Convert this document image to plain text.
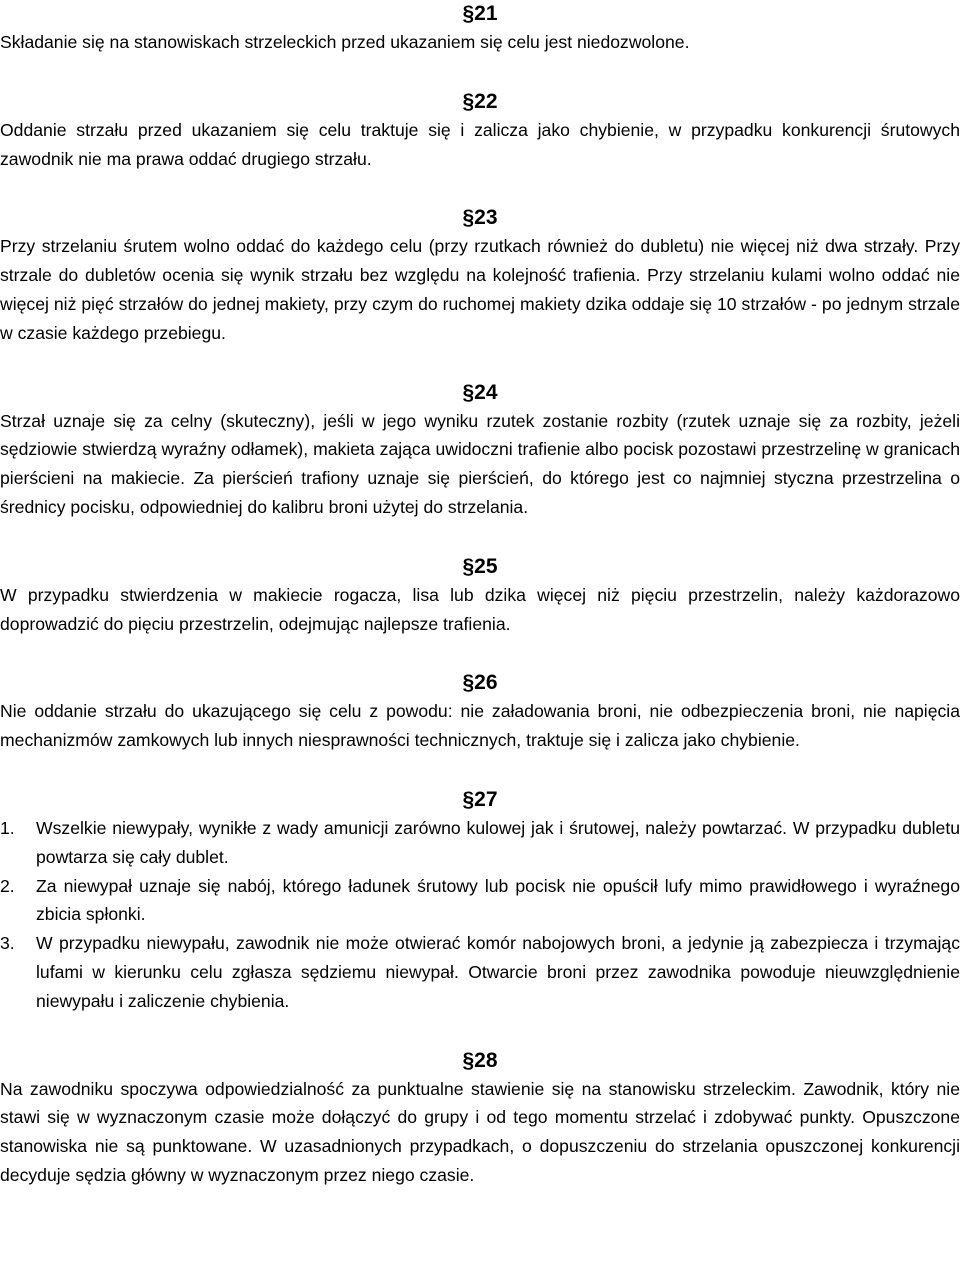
§21

Składanie się na stanowiskach strzeleckich przed ukazaniem się celu jest niedozwolone.

§22

Oddanie strzału przed ukazaniem się celu traktuje się i zalicza jako chybienie, w przypadku konkurencji śrutowych zawodnik nie ma prawa oddać drugiego strzału.

§23

Przy strzelaniu śrutem wolno oddać do każdego celu (przy rzutkach również do dubletu) nie więcej niż dwa strzały. Przy strzale do dubletów ocenia się wynik strzału bez względu na kolejność trafienia. Przy strzelaniu kulami wolno oddać nie więcej niż pięć strzałów do jednej makiety, przy czym do ruchomej makiety dzika oddaje się 10 strzałów - po jednym strzale w czasie każdego przebiegu.

§24

Strzał uznaje się za celny (skuteczny), jeśli w jego wyniku rzutek zostanie rozbity (rzutek uznaje się za rozbity, jeżeli sędziowie stwierdzą wyraźny odłamek), makieta zająca uwidoczni trafienie albo pocisk pozostawi przestrzelinę w granicach pierścieni na makiecie. Za pierścień trafiony uznaje się pierścień, do którego jest co najmniej styczna przestrzelina o średnicy pocisku, odpowiedniej do kalibru broni użytej do strzelania.

§25

W przypadku stwierdzenia w makiecie rogacza, lisa lub dzika więcej niż pięciu przestrzelin, należy każdorazowo doprowadzić do pięciu przestrzelin, odejmując najlepsze trafienia.

§26

Nie oddanie strzału do ukazującego się celu z powodu: nie załadowania broni, nie odbezpieczenia broni, nie napięcia mechanizmów zamkowych lub innych niesprawności technicznych, traktuje się i zalicza jako chybienie.

§27
1.	Wszelkie niewypały, wynikłe z wady amunicji zarówno kulowej jak i śrutowej, należy powtarzać. W przypadku dubletu powtarza się cały dublet.
2.	Za niewypał uznaje się nabój, którego ładunek śrutowy lub pocisk nie opuścił lufy mimo prawidłowego i wyraźnego zbicia spłonki.
3.	W przypadku niewypału, zawodnik nie może otwierać komór nabojowych broni, a jedynie ją zabezpiecza i trzymając lufami w kierunku celu zgłasza sędziemu niewypał. Otwarcie broni przez zawodnika powoduje nieuwzględnienie niewypału i zaliczenie chybienia.
§28

Na zawodniku spoczywa odpowiedzialność za punktualne stawienie się na stanowisku strzeleckim. Zawodnik, który nie stawi się w wyznaczonym czasie może dołączyć do grupy i od tego momentu strzelać i zdobywać punkty. Opuszczone stanowiska nie są punktowane. W uzasadnionych przypadkach, o dopuszczeniu do strzelania opuszczonej konkurencji decyduje sędzia główny w wyznaczonym przez niego czasie.
